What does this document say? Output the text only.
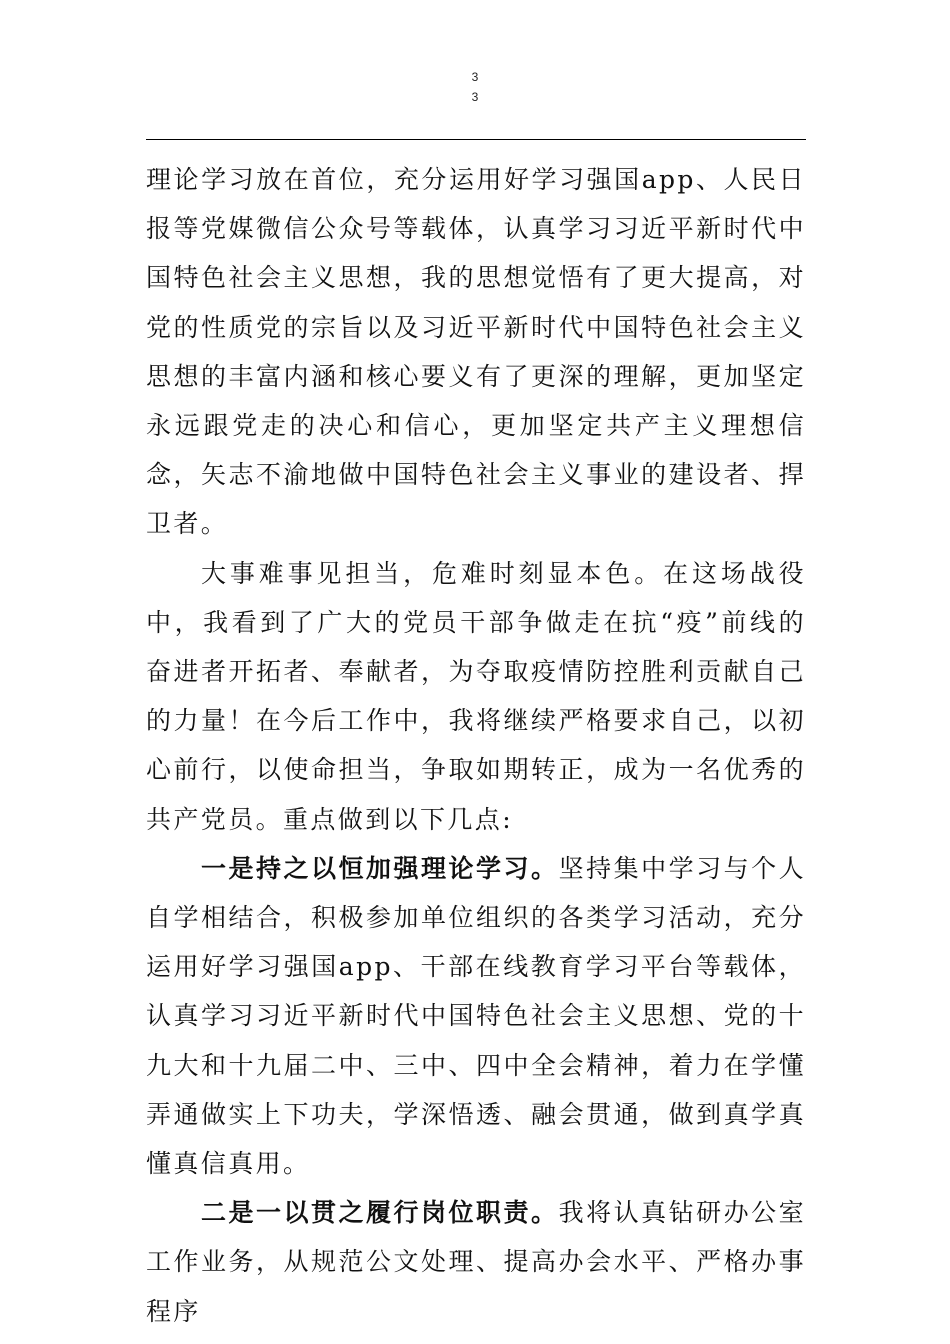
3
3

理论学习放在首位，充分运用好学习强国app、人民日报等党媒微信公众号等载体，认真学习习近平新时代中国特色社会主义思想，我的思想觉悟有了更大提高，对党的性质党的宗旨以及习近平新时代中国特色社会主义思想的丰富内涵和核心要义有了更深的理解，更加坚定永远跟党走的决心和信心，更加坚定共产主义理想信念，矢志不渝地做中国特色社会主义事业的建设者、捍卫者。

大事难事见担当，危难时刻显本色。在这场战役中，我看到了广大的党员干部争做走在抗“疫”前线的奋进者开拓者、奉献者，为夺取疫情防控胜利贡献自己的力量！在今后工作中，我将继续严格要求自己，以初心前行，以使命担当，争取如期转正，成为一名优秀的共产党员。重点做到以下几点:

一是持之以恒加强理论学习。坚持集中学习与个人自学相结合，积极参加单位组织的各类学习活动，充分运用好学习强国app、干部在线教育学习平台等载体，认真学习习近平新时代中国特色社会主义思想、党的十九大和十九届二中、三中、四中全会精神，着力在学懂弄通做实上下功夫，学深悟透、融会贯通，做到真学真懂真信真用。

二是一以贯之履行岗位职责。我将认真钻研办公室工作业务，从规范公文处理、提高办会水平、严格办事程序
